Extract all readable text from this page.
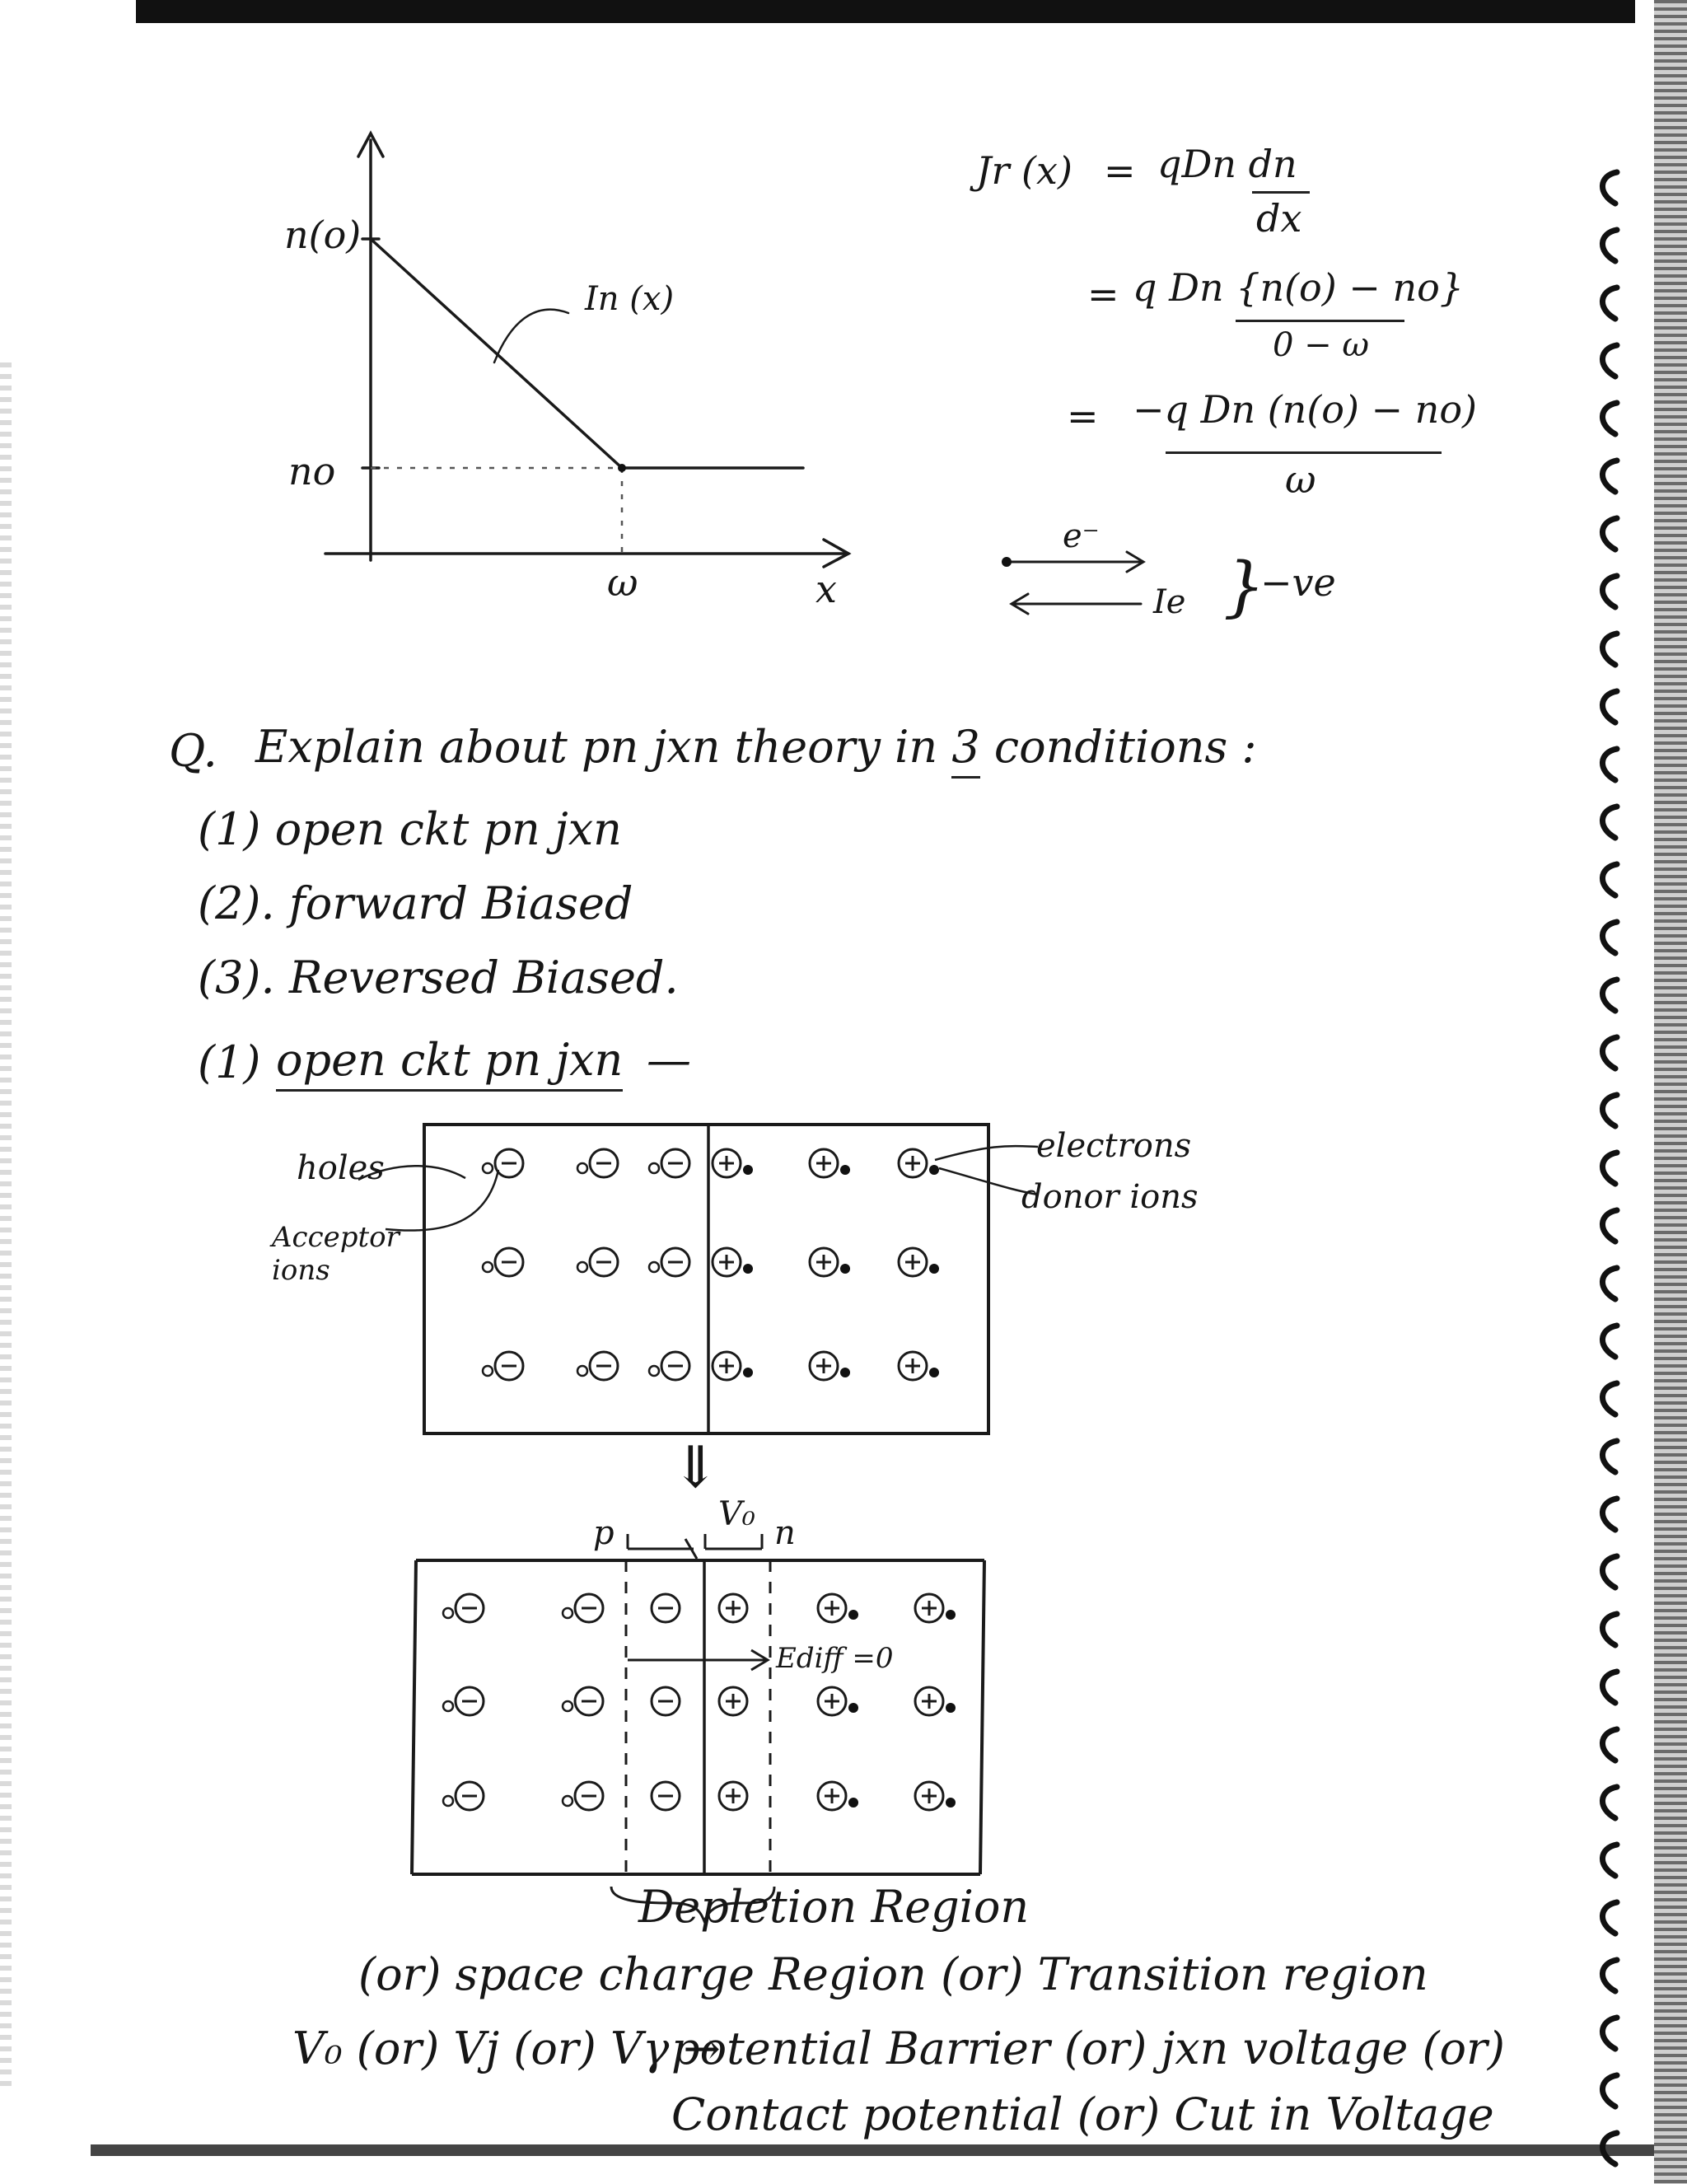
n(o)
no
In (x)
ω	x
Jr (x) = qDn dn
dx
= q Dn {n(o) − no}
0 − ω
= −q Dn (n(o) − no)
ω
e⁻
Ie }
−ve
Q. Explain about pn jxn theory in 3 conditions :
(1) open ckt pn jxn
(2). forward Biased
(3). Reversed Biased.
(1) open ckt pn jxn —
holes
Acceptor
ions
electrons
donor ions
⇓
p	n
V₀
Ediff =0
Depletion Region
(or) space charge Region (or) Transition region
V₀ (or) Vj (or) Vγ →
potential Barrier (or) jxn voltage (or)
Contact potential (or) Cut in Voltage
